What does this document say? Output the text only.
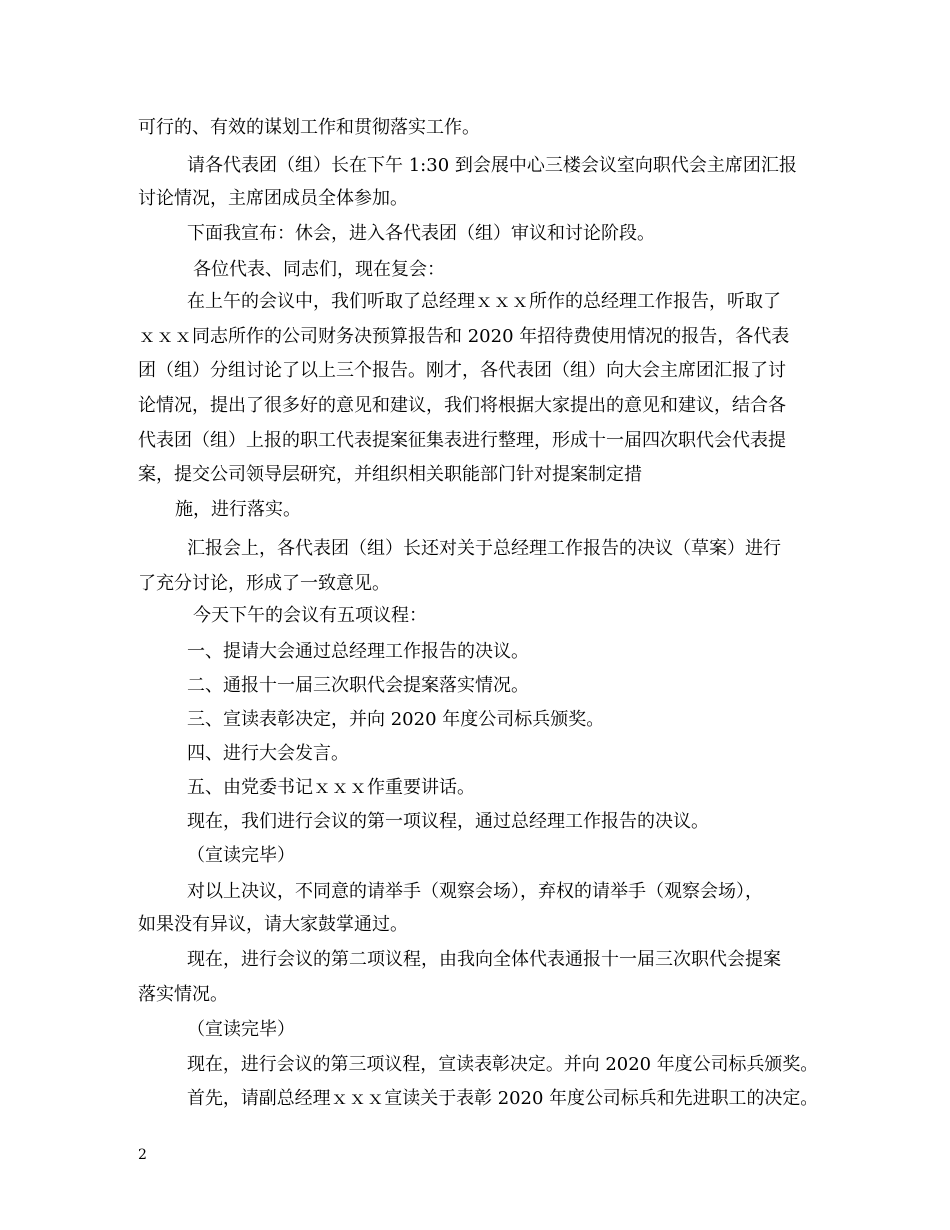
可行的、有效的谋划工作和贯彻落实工作。
请各代表团（组）长在下午 1:30 到会展中心三楼会议室向职代会主席团汇报
讨论情况，主席团成员全体参加。
下面我宣布：休会，进入各代表团（组）审议和讨论阶段。
各位代表、同志们，现在复会：
在上午的会议中，我们听取了总经理ｘｘｘ所作的总经理工作报告，听取了
ｘｘｘ同志所作的公司财务决预算报告和 2020 年招待费使用情况的报告，各代表
团（组）分组讨论了以上三个报告。刚才，各代表团（组）向大会主席团汇报了讨
论情况，提出了很多好的意见和建议，我们将根据大家提出的意见和建议，结合各
代表团（组）上报的职工代表提案征集表进行整理，形成十一届四次职代会代表提
案，提交公司领导层研究，并组织相关职能部门针对提案制定措
施，进行落实。
汇报会上，各代表团（组）长还对关于总经理工作报告的决议（草案）进行
了充分讨论，形成了一致意见。
今天下午的会议有五项议程：
一、提请大会通过总经理工作报告的决议。
二、通报十一届三次职代会提案落实情况。
三、宣读表彰决定，并向 2020 年度公司标兵颁奖。
四、进行大会发言。
五、由党委书记ｘｘｘ作重要讲话。
现在，我们进行会议的第一项议程，通过总经理工作报告的决议。
（宣读完毕）
对以上决议，不同意的请举手（观察会场），弃权的请举手（观察会场），
如果没有异议，请大家鼓掌通过。
现在，进行会议的第二项议程，由我向全体代表通报十一届三次职代会提案
落实情况。
（宣读完毕）
现在，进行会议的第三项议程，宣读表彰决定。并向 2020 年度公司标兵颁奖。
首先，请副总经理ｘｘｘ宣读关于表彰 2020 年度公司标兵和先进职工的决定。
2
